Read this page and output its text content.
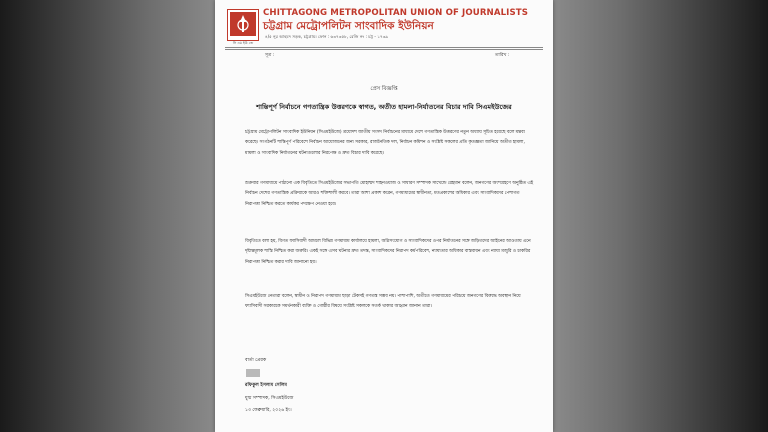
সি এম ইউ জে
CHITTAGONG METROPOLITAN UNION OF JOURNALISTS
চট্টগ্রাম মেট্রোপলিটন সাংবাদিক ইউনিয়ন
৪/৫ নূর আহমদ সড়ক, চট্টগ্রাম। ফোন : ৬৩৭৩৫৮, রেজি নং : চট্ট - ১৭৩৯
সূত্র :	তারিখ :
প্রেস বিজ্ঞপ্তি
শান্তিপূর্ণ নির্বাচনে গণতান্ত্রিক উত্তরণকে স্বাগত, অতীত হামলা-নির্যাতনের বিচার দাবি সিএমইউজের

চট্টগ্রাম মেট্রোপলিটন সাংবাদিক ইউনিয়ন (সিএমইউজে) ত্রয়োদশ জাতীয় সংসদ নির্বাচনের মাধ্যমে দেশে গণতান্ত্রিক উত্তরণের নতুন অধ্যায় সূচিত হয়েছে বলে মন্তব্য করেছে। সংগঠনটি শান্তিপূর্ণ পরিবেশে নির্বাচন আয়োজনের জন্য সরকার, রাজনৈতিক দল, নির্বাচন কমিশন ও সংশ্লিষ্ট সকলের প্রতি কৃতজ্ঞতা জানিয়ে অতীত হামলা, মামলা ও সাংবাদিক নির্যাতনের ঘটনাগুলোর নিরপেক্ষ ও দ্রুত বিচার দাবি করেছে।

শুক্রবার গণমাধ্যমে পাঠানো এক বিবৃতিতে সিএমইউজের সভাপতি মোহাম্মদ শাহনওয়াজ ও সাধারণ সম্পাদক সাখেন্ডে রেহমান বলেন, জনগণের অংশগ্রহণে অনুষ্ঠিত এই নির্বাচন দেশের গণতান্ত্রিক প্রক্রিয়াকে আরও শক্তিশালী করবে। তারা আশা প্রকাশ করেন, গণমাধ্যমের স্বাধীনতা, মতপ্রকাশের অধিকার এবং সাংবাদিকদের পেশাগত নিরাপত্তা নিশ্চিত করতে কার্যকর পদক্ষেপ নেওয়া হবে।

বিবৃতিতে বলা হয়, বিগত ফ্যাসিবাদী আমলে বিভিন্ন গণমাধ্যম কার্যালয়ে হামলা, অগ্নিসংযোগ ও সাংবাদিকদের ওপর নির্যাতনের সঙ্গে জড়িতদের আইনের আওতায় এনে দৃষ্টান্তমূলক শাস্তি নিশ্চিত করা জরুরি। একই সঙ্গে এসব ঘটনার দ্রুত তদন্ত, সাংবাদিকদের নিরাপদ কর্মপরিবেশ, ন্যায্যতার অধিকার বাস্তবায়ন এবং ন্যায্য মজুরি ও চাকরির নিরাপত্তা নিশ্চিত করার দাবি জানানো হয়।

সিএমইউজে নেতারা বলেন, স্বাধীন ও নিরাপদ গণমাধ্যম ছাড়া টেকসই গণতন্ত্র সম্ভব নয়। পাশাপাশি, অতীতে গণমাধ্যমের পরিচয়ে জনগণের বিরুদ্ধে অবস্থান নিয়ে ফ্যাসিবাদী সরকারকে সমর্থনকারী ব্যক্তি ও গোষ্ঠীর বিষয়ে সংশ্লিষ্ট সকলকে সতর্ক থাকার আহ্বান জানান তারা।

বার্তা প্রেরক
রফিকুল ইসলাম সেলিম
যুগ্ম সম্পাদক, সিএমইউজে
১৩ ফেব্রুয়ারি, ২০২৬ ইং।
